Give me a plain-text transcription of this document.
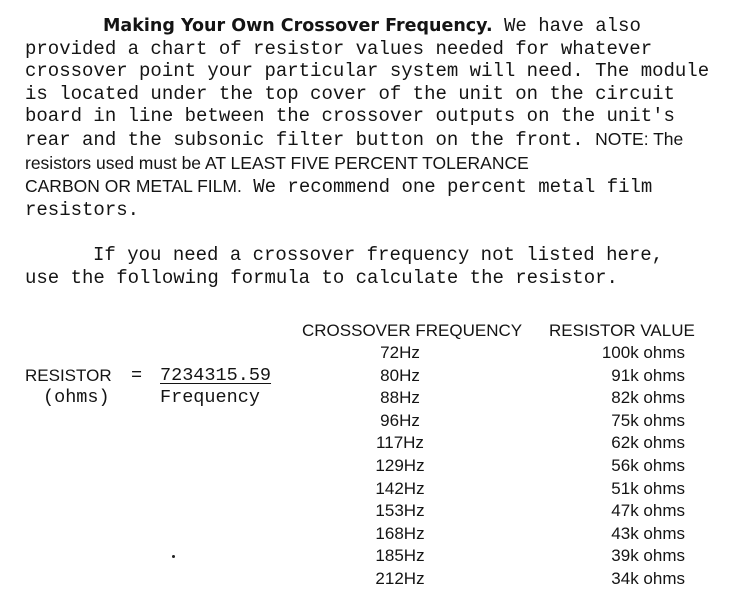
Making Your Own Crossover Frequency. We have also
provided a chart of resistor values needed for whatever
crossover point your particular system will need. The module
is located under the top cover of the unit on the circuit
board in line between the crossover outputs on the unit's
rear and the subsonic filter button on the front. NOTE: The
resistors used must be AT LEAST FIVE PERCENT TOLERANCE
CARBON OR METAL FILM. We recommend one percent metal film
resistors.
If you need a crossover frequency not listed here,
use the following formula to calculate the resistor.
RESISTOR = 7234315.59
(ohms)	Frequency
CROSSOVER FREQUENCY RESISTOR VALUE
72Hz
80Hz
88Hz
96Hz
117Hz
129Hz
142Hz
153Hz
168Hz
185Hz
212Hz
100k ohms
91k ohms
82k ohms
75k ohms
62k ohms
56k ohms
51k ohms
47k ohms
43k ohms
39k ohms
34k ohms
